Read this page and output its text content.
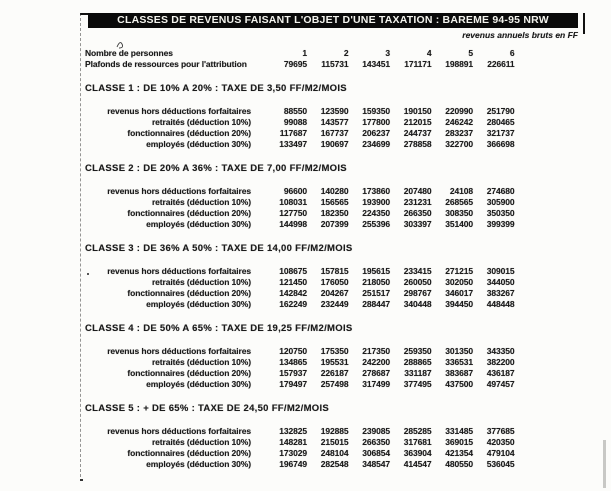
CLASSES DE REVENUS FAISANT L'OBJET D'UNE TAXATION : BAREME 94-95 NRW
revenus annuels bruts en FF
Nombre de personnes	1	2	3	4	5	6
Plafonds de ressources pour l'attribution	79695	115731	143451	171171	198891	226611
CLASSE 1 : DE 10% A 20% : TAXE DE 3,50 FF/M2/MOIS
revenus hors déductions forfaitaires	88550	123590	159350	190150	220990	251790
retraités (déduction 10%)	99088	143577	177800	212015	246242	280465
fonctionnaires (déduction 20%)	117687	167737	206237	244737	283237	321737
employés (déduction 30%)	133497	190697	234699	278858	322700	366698
CLASSE 2 : DE 20% A 36% : TAXE DE 7,00 FF/M2/MOIS
revenus hors déductions forfaitaires	96600	140280	173860	207480	24108	274680
retraités (déduction 10%)	108031	156565	193900	231231	268565	305900
fonctionnaires (déduction 20%)	127750	182350	224350	266350	308350	350350
employés (déduction 30%)	144998	207399	255396	303397	351400	399399
CLASSE 3 : DE 36% A 50% : TAXE DE 14,00 FF/M2/MOIS
revenus hors déductions forfaitaires	108675	157815	195615	233415	271215	309015
retraités (déduction 10%)	121450	176050	218050	260050	302050	344050
fonctionnaires (déduction 20%)	142842	204267	251517	298767	346017	383267
employés (déduction 30%)	162249	232449	288447	340448	394450	448448
CLASSE 4 : DE 50% A 65% : TAXE DE 19,25 FF/M2/MOIS
revenus hors déductions forfaitaires	120750	175350	217350	259350	301350	343350
retraités (déduction 10%)	134865	195531	242200	288865	336531	382200
fonctionnaires (déduction 20%)	157937	226187	278687	331187	383687	436187
employés (déduction 30%)	179497	257498	317499	377495	437500	497457
CLASSE 5 : + DE 65% : TAXE DE 24,50 FF/M2/MOIS
revenus hors déductions forfaitaires	132825	192885	239085	285285	331485	377685
retraités (déduction 10%)	148281	215015	266350	317681	369015	420350
fonctionnaires (déduction 20%)	173029	248104	306854	363904	421354	479104
employés (déduction 30%)	196749	282548	348547	414547	480550	536045
